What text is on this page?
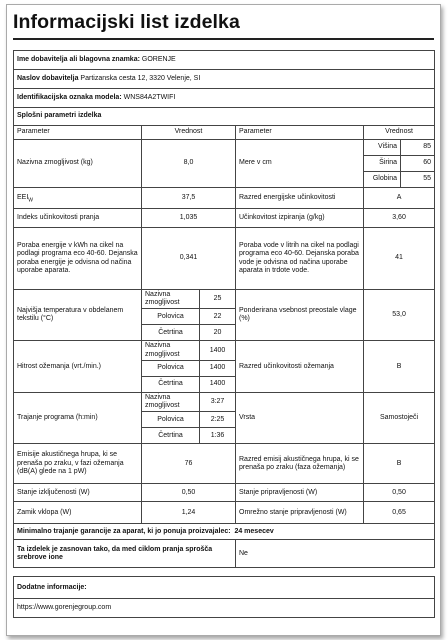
Informacijski list izdelka
Ime dobavitelja ali blagovna znamka: GORENJE					
Naslov dobavitelja Partizanska cesta 12, 3320 Velenje, SI					
Identifikacijska oznaka modela: WNS84A2TWIFI					
Splošni parametri izdelka					
Parameter	Vrednost		Parameter	Vrednost	
Nazivna zmogljivost (kg)	8,0		Mere v cm	Višina	85
				Širina	60
				Globina	55
$EEI_W$	37,5		Razred energijske učinkovitosti	A	
Indeks učinkovitosti pranja	1,035		Učinkovitost izpiranja (g/kg)	3,60	
Poraba energije v kWh na cikel na podlagi programa eco 40-60. Dejanska poraba energije je odvisna od načina uporabe aparata.	0,341		Poraba vode v litrih na cikel na podlagi programa eco 40-60. Dejanska poraba vode je odvisna od načina uporabe aparata in trdote vode.	41	
Najvišja temperatura v obdelanem tekstilu (°C)	Nazivna zmogljivost	25	Ponderirana vsebnost preostale vlage (%)	53,0	
	Polovica	22			
	Četrtina	20			
Hitrost ožemanja (vrt./min.)	Nazivna zmogljivost	1400	Razred učinkovitosti ožemanja	B	
	Polovica	1400			
	Četrtina	1400			
Trajanje programa (h:min)	Nazivna zmogljivost	3:27	Vrsta	Samostoječi	
	Polovica	2:25			
	Četrtina	1:36			
Emisije akustičnega hrupa, ki se prenaša po zraku, v fazi ožemanja (dB(A) glede na 1 pW)	76		Razred emisij akustičnega hrupa, ki se prenaša po zraku (faza ožemanja)	B	
Stanje izključenosti (W)	0,50		Stanje pripravljenosti (W)	0,50	
Zamik vklopa (W)	1,24		Omrežno stanje pripravljenosti (W)	0,65	
Minimalno trajanje garancije za aparat, ki jo ponuja proizvajalec: 24 mesecev					
Ta izdelek je zasnovan tako, da med ciklom pranja sprošča srebrove ione			Ne		

Dodatne informacije:					
https://www.gorenjegroup.com					
